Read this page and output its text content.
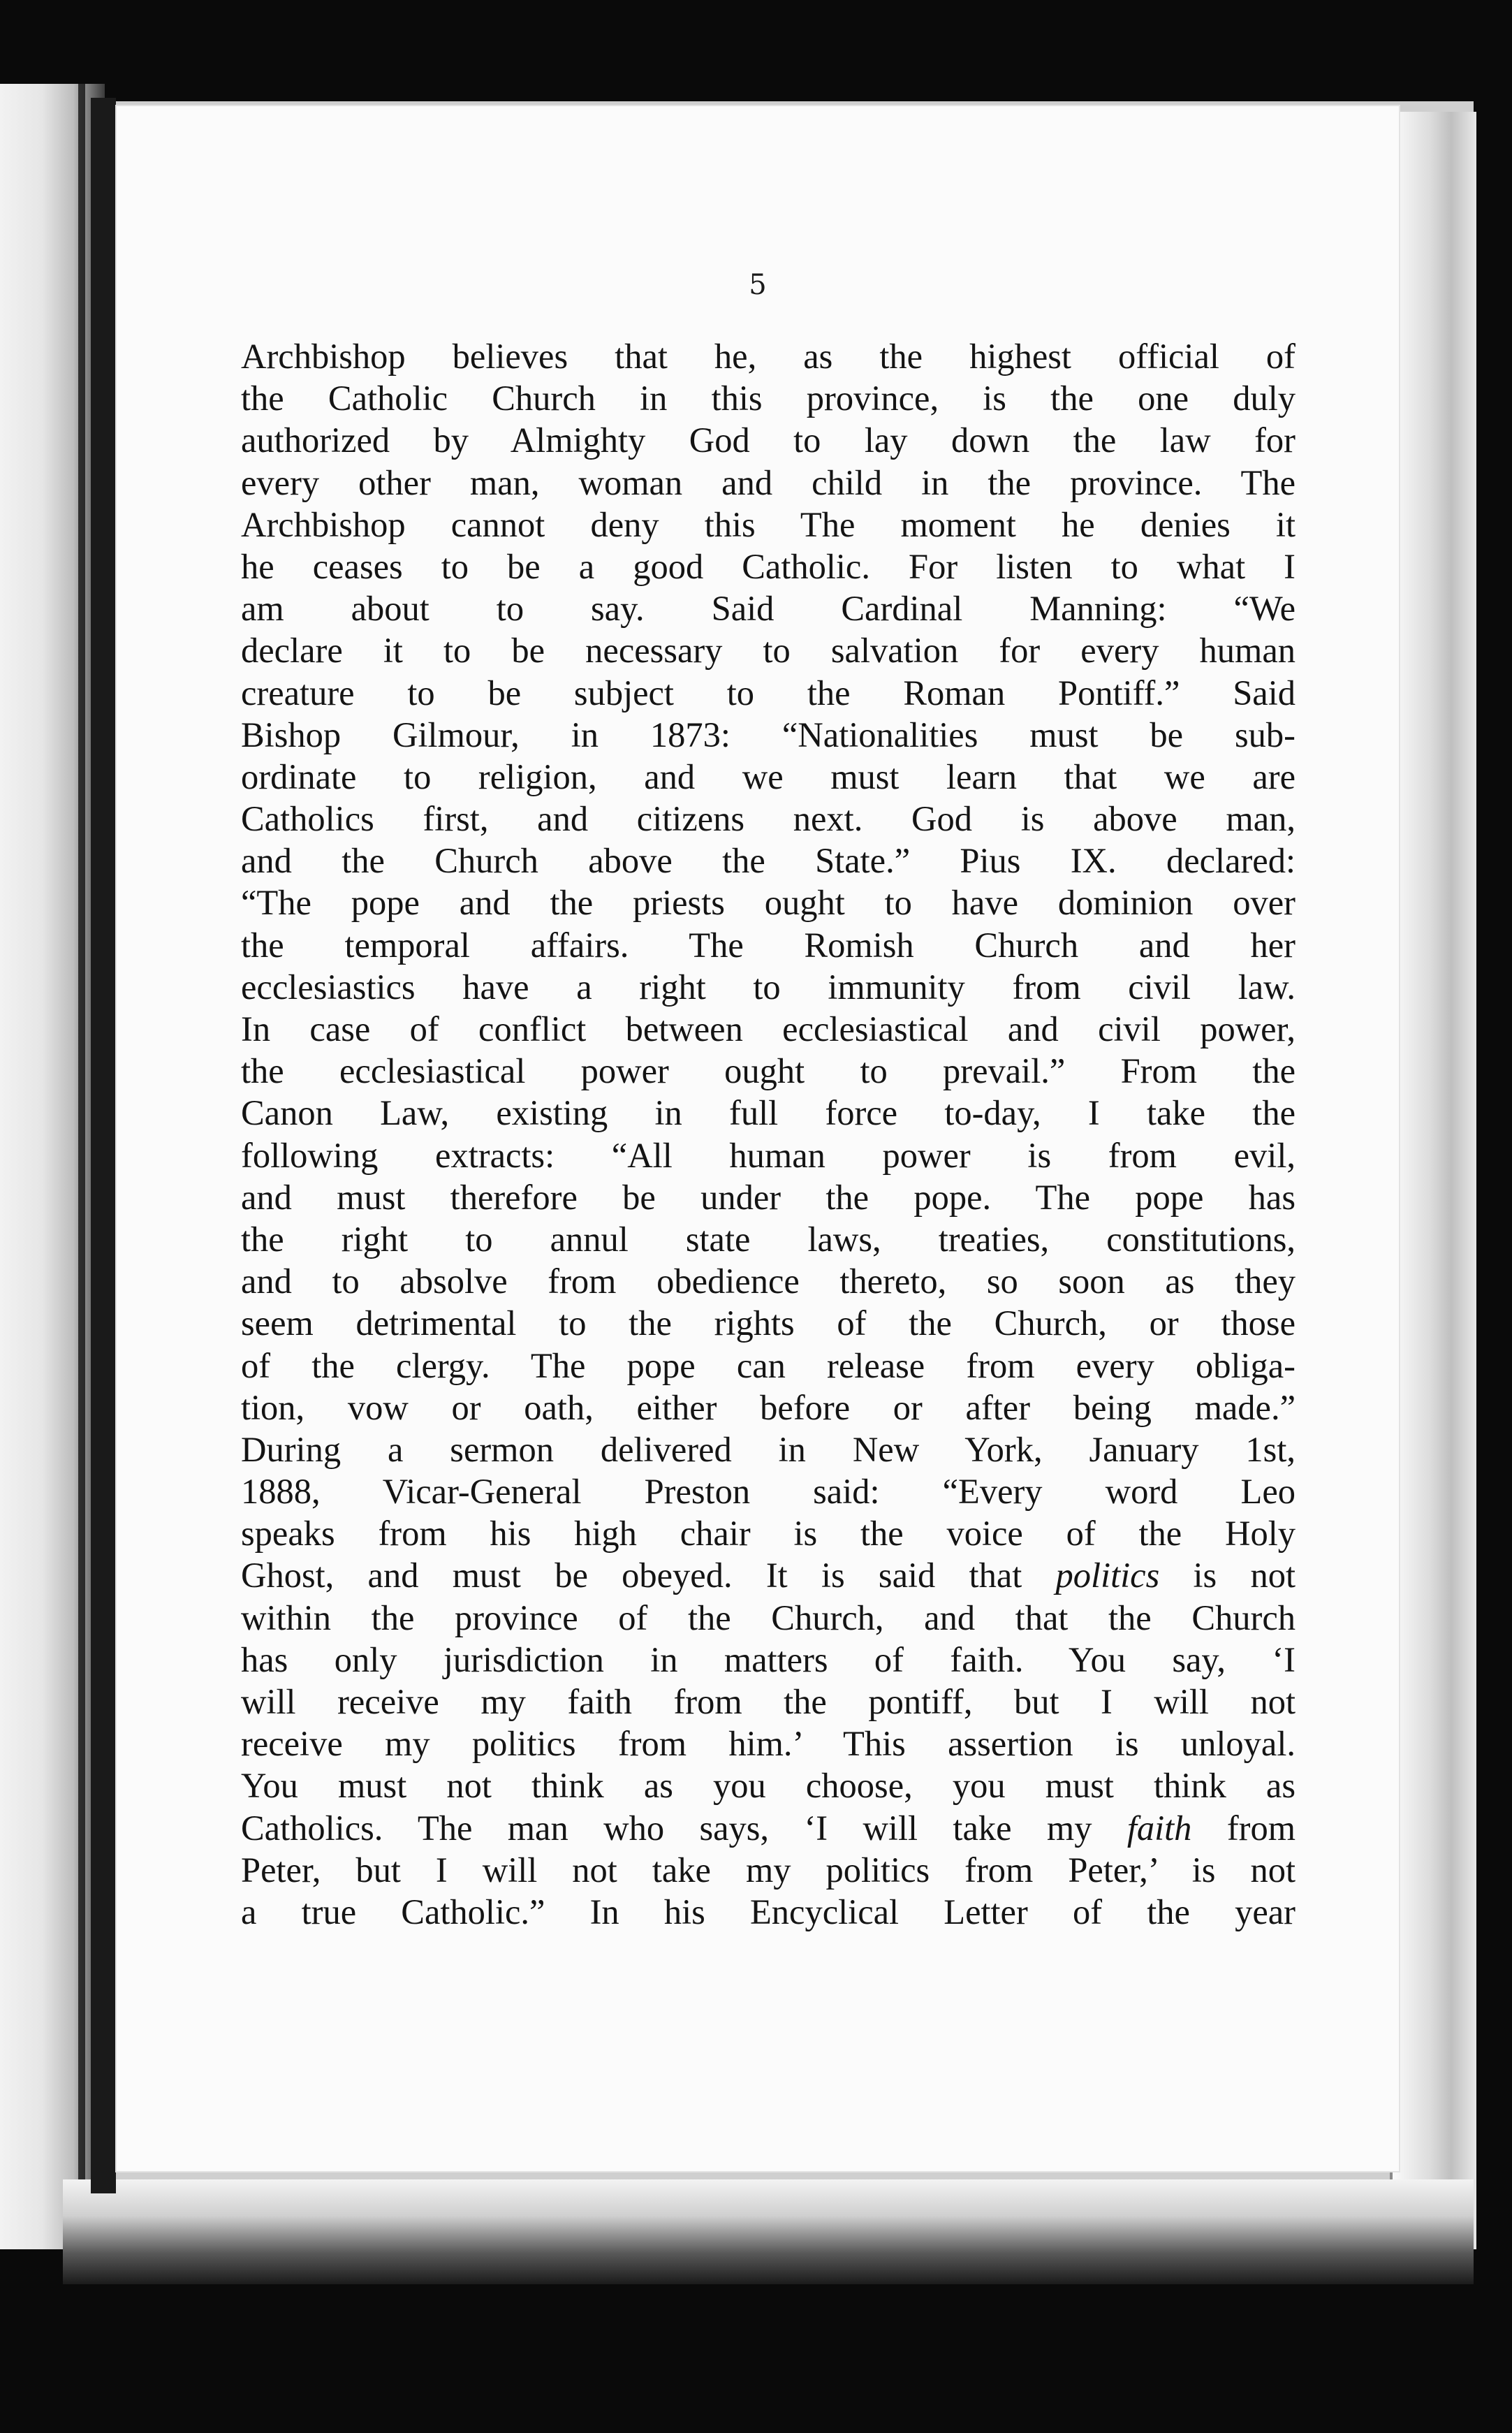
5
Archbishop believes that he, as the highest official of
the Catholic Church in this province, is the one duly
authorized by Almighty God to lay down the law for
every other man, woman and child in the province. The
Archbishop cannot deny this The moment he denies it
he ceases to be a good Catholic. For listen to what I
am about to say. Said Cardinal Manning: “We
declare it to be necessary to salvation for every human
creature to be subject to the Roman Pontiff.” Said
Bishop Gilmour, in 1873: “Nationalities must be sub-
ordinate to religion, and we must learn that we are
Catholics first, and citizens next. God is above man,
and the Church above the State.” Pius IX. declared:
“The pope and the priests ought to have dominion over
the temporal affairs. The Romish Church and her
ecclesiastics have a right to immunity from civil law.
In case of conflict between ecclesiastical and civil power,
the ecclesiastical power ought to prevail.” From the
Canon Law, existing in full force to-day, I take the
following extracts: “All human power is from evil,
and must therefore be under the pope. The pope has
the right to annul state laws, treaties, constitutions,
and to absolve from obedience thereto, so soon as they
seem detrimental to the rights of the Church, or those
of the clergy. The pope can release from every obliga-
tion, vow or oath, either before or after being made.”
During a sermon delivered in New York, January 1st,
1888, Vicar-General Preston said: “Every word Leo
speaks from his high chair is the voice of the Holy
Ghost, and must be obeyed. It is said that politics is not
within the province of the Church, and that the Church
has only jurisdiction in matters of faith. You say, ‘I
will receive my faith from the pontiff, but I will not
receive my politics from him.’ This assertion is unloyal.
You must not think as you choose, you must think as
Catholics. The man who says, ‘I will take my faith from
Peter, but I will not take my politics from Peter,’ is not
a true Catholic.” In his Encyclical Letter of the year
